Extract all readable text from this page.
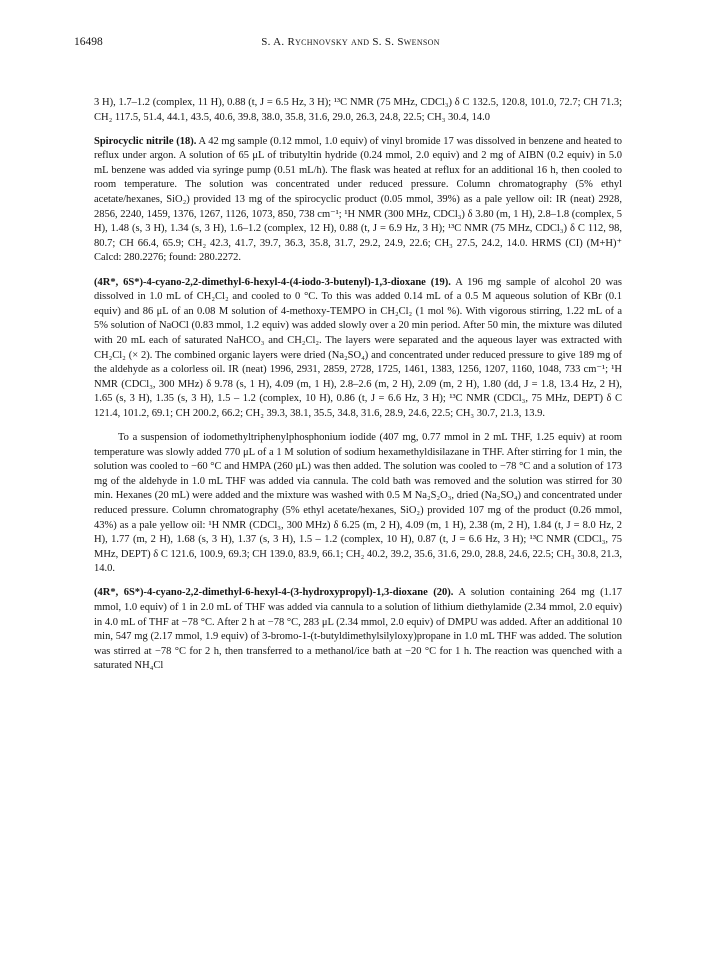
16498	S. A. Rychnovsky and S. S. Swenson

3 H), 1.7–1.2 (complex, 11 H), 0.88 (t, J = 6.5 Hz, 3 H); ¹³C NMR (75 MHz, CDCl₃) δ C 132.5, 120.8, 101.0, 72.7; CH 71.3; CH₂ 117.5, 51.4, 44.1, 43.5, 40.6, 39.8, 38.0, 35.8, 31.6, 29.0, 26.3, 24.8, 22.5; CH₃ 30.4, 14.0

Spirocyclic nitrile (18). A 42 mg sample (0.12 mmol, 1.0 equiv) of vinyl bromide 17 was dissolved in benzene and heated to reflux under argon. A solution of 65 μL of tributyltin hydride (0.24 mmol, 2.0 equiv) and 2 mg of AIBN (0.2 equiv) in 5.0 mL benzene was added via syringe pump (0.51 mL/h). The flask was heated at reflux for an additional 16 h, then cooled to room temperature. The solution was concentrated under reduced pressure. Column chromatography (5% ethyl acetate/hexanes, SiO₂) provided 13 mg of the spirocyclic product (0.05 mmol, 39%) as a pale yellow oil: IR (neat) 2928, 2856, 2240, 1459, 1376, 1267, 1126, 1073, 850, 738 cm⁻¹; ¹H NMR (300 MHz, CDCl₃) δ 3.80 (m, 1 H), 2.8–1.8 (complex, 5 H), 1.48 (s, 3 H), 1.34 (s, 3 H), 1.6–1.2 (complex, 12 H), 0.88 (t, J = 6.9 Hz, 3 H); ¹³C NMR (75 MHz, CDCl₃) δ C 112, 98, 80.7; CH 66.4, 65.9; CH₂ 42.3, 41.7, 39.7, 36.3, 35.8, 31.7, 29.2, 24.9, 22.6; CH₃ 27.5, 24.2, 14.0. HRMS (CI) (M+H)⁺ Calcd: 280.2276; found: 280.2272.

(4R*, 6S*)-4-cyano-2,2-dimethyl-6-hexyl-4-(4-iodo-3-butenyl)-1,3-dioxane (19). A 196 mg sample of alcohol 20 was dissolved in 1.0 mL of CH₂Cl₂ and cooled to 0 °C. To this was added 0.14 mL of a 0.5 M aqueous solution of KBr (0.1 equiv) and 86 μL of an 0.08 M solution of 4-methoxy-TEMPO in CH₂Cl₂ (1 mol %). With vigorous stirring, 1.22 mL of a 5% solution of NaOCl (0.83 mmol, 1.2 equiv) was added slowly over a 20 min period. After 50 min, the mixture was diluted with 20 mL each of saturated NaHCO₃ and CH₂Cl₂. The layers were separated and the aqueous layer was extracted with CH₂Cl₂ (× 2). The combined organic layers were dried (Na₂SO₄) and concentrated under reduced pressure to give 189 mg of the aldehyde as a colorless oil. IR (neat) 1996, 2931, 2859, 2728, 1725, 1461, 1383, 1256, 1207, 1160, 1048, 733 cm⁻¹; ¹H NMR (CDCl₃, 300 MHz) δ 9.78 (s, 1 H), 4.09 (m, 1 H), 2.8–2.6 (m, 2 H), 2.09 (m, 2 H), 1.80 (dd, J = 1.8, 13.4 Hz, 2 H), 1.65 (s, 3 H), 1.35 (s, 3 H), 1.5 – 1.2 (complex, 10 H), 0.86 (t, J = 6.6 Hz, 3 H); ¹³C NMR (CDCl₃, 75 MHz, DEPT) δ C 121.4, 101.2, 69.1; CH 200.2, 66.2; CH₂ 39.3, 38.1, 35.5, 34.8, 31.6, 28.9, 24.6, 22.5; CH₃ 30.7, 21.3, 13.9.

To a suspension of iodomethyltriphenylphosphonium iodide (407 mg, 0.77 mmol in 2 mL THF, 1.25 equiv) at room temperature was slowly added 770 μL of a 1 M solution of sodium hexamethyldisilazane in THF. After stirring for 1 min, the solution was cooled to −60 °C and HMPA (260 μL) was then added. The solution was cooled to −78 °C and a solution of 173 mg of the aldehyde in 1.0 mL THF was added via cannula. The cold bath was removed and the solution was stirred for 30 min. Hexanes (20 mL) were added and the mixture was washed with 0.5 M Na₂S₂O₃, dried (Na₂SO₄) and concentrated under reduced pressure. Column chromatography (5% ethyl acetate/hexanes, SiO₂) provided 107 mg of the product (0.26 mmol, 43%) as a pale yellow oil: ¹H NMR (CDCl₃, 300 MHz) δ 6.25 (m, 2 H), 4.09 (m, 1 H), 2.38 (m, 2 H), 1.84 (t, J = 8.0 Hz, 2 H), 1.77 (m, 2 H), 1.68 (s, 3 H), 1.37 (s, 3 H), 1.5 – 1.2 (complex, 10 H), 0.87 (t, J = 6.6 Hz, 3 H); ¹³C NMR (CDCl₃, 75 MHz, DEPT) δ C 121.6, 100.9, 69.3; CH 139.0, 83.9, 66.1; CH₂ 40.2, 39.2, 35.6, 31.6, 29.0, 28.8, 24.6, 22.5; CH₃ 30.8, 21.3, 14.0.

(4R*, 6S*)-4-cyano-2,2-dimethyl-6-hexyl-4-(3-hydroxypropyl)-1,3-dioxane (20). A solution containing 264 mg (1.17 mmol, 1.0 equiv) of 1 in 2.0 mL of THF was added via cannula to a solution of lithium diethylamide (2.34 mmol, 2.0 equiv) in 4.0 mL of THF at −78 °C. After 2 h at −78 °C, 283 μL (2.34 mmol, 2.0 equiv) of DMPU was added. After an additional 10 min, 547 mg (2.17 mmol, 1.9 equiv) of 3-bromo-1-(t-butyldimethylsilyloxy)propane in 1.0 mL THF was added. The solution was stirred at −78 °C for 2 h, then transferred to a methanol/ice bath at −20 °C for 1 h. The reaction was quenched with a saturated NH₄Cl
